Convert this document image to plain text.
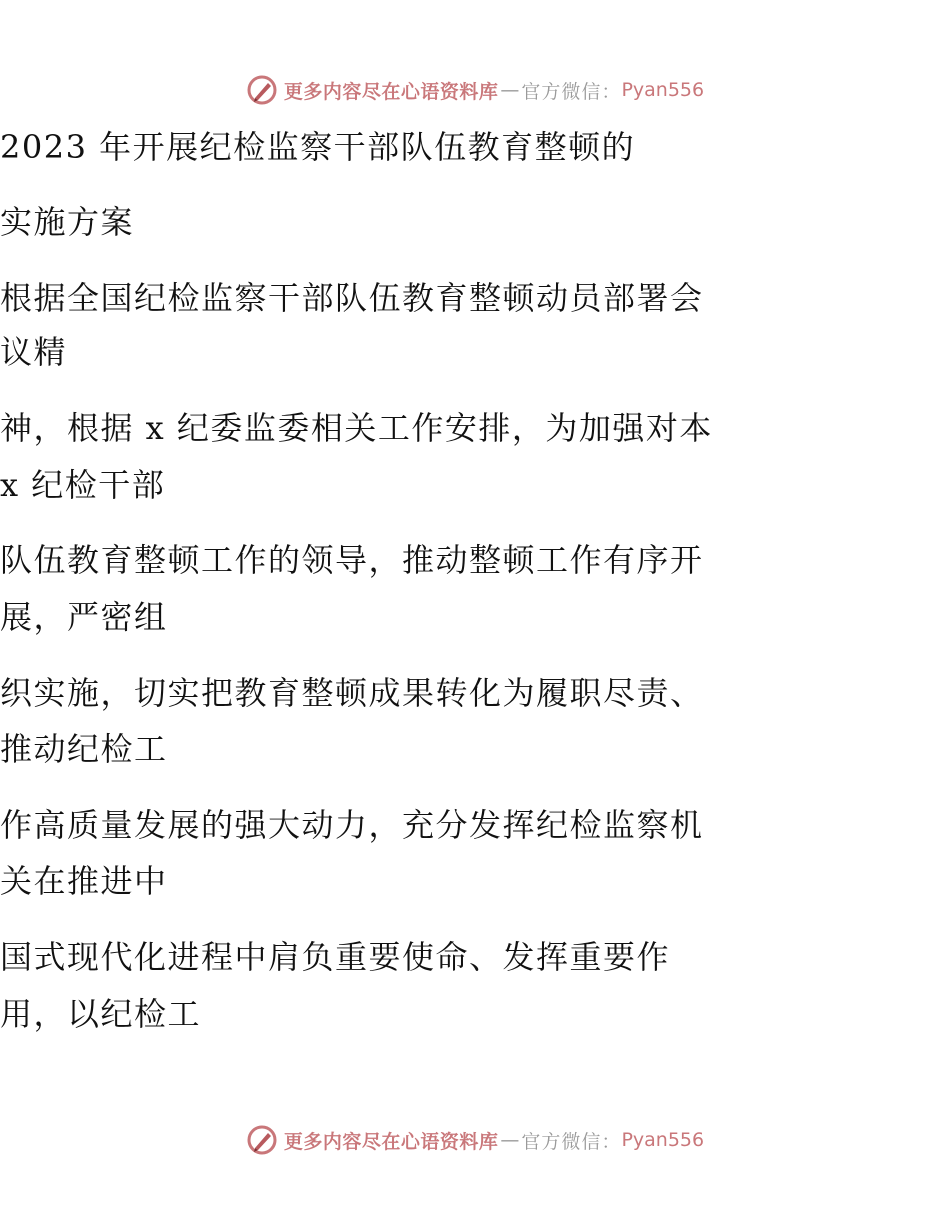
更多内容尽在心语资料库 — 官方微信： Pyan556
2023 年开展纪检监察干部队伍教育整顿的
实施方案
根据全国纪检监察干部队伍教育整顿动员部署会
议精
神，根据 x 纪委监委相关工作安排，为加强对本
x 纪检干部
队伍教育整顿工作的领导，推动整顿工作有序开
展，严密组
织实施，切实把教育整顿成果转化为履职尽责、
推动纪检工
作高质量发展的强大动力，充分发挥纪检监察机
关在推进中
国式现代化进程中肩负重要使命、发挥重要作
用，以纪检工
更多内容尽在心语资料库 — 官方微信： Pyan556
